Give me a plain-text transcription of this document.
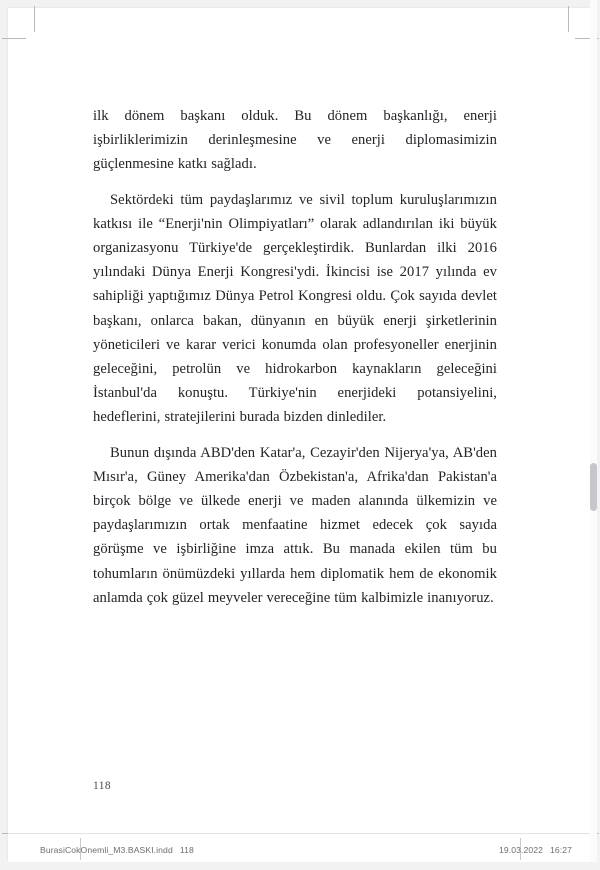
ilk dönem başkanı olduk. Bu dönem başkanlığı, enerji işbirliklerimizin derinleşmesine ve enerji diplomasimizin güçlenmesine katkı sağladı.

Sektördeki tüm paydaşlarımız ve sivil toplum kuruluşlarımızın katkısı ile “Enerji'nin Olimpiyatları” olarak adlandırılan iki büyük organizasyonu Türkiye'de gerçekleştirdik. Bunlardan ilki 2016 yılındaki Dünya Enerji Kongresi'ydi. İkincisi ise 2017 yılında ev sahipliği yaptığımız Dünya Petrol Kongresi oldu. Çok sayıda devlet başkanı, onlarca bakan, dünyanın en büyük enerji şirketlerinin yöneticileri ve karar verici konumda olan profesyoneller enerjinin geleceğini, petrolün ve hidrokarbon kaynakların geleceğini İstanbul'da konuştu. Türkiye'nin enerjideki potansiyelini, hedeflerini, stratejilerini burada bizden dinlediler.

Bunun dışında ABD'den Katar'a, Cezayir'den Nijerya'ya, AB'den Mısır'a, Güney Amerika'dan Özbekistan'a, Afrika'dan Pakistan'a birçok bölge ve ülkede enerji ve maden alanında ülkemizin ve paydaşlarımızın ortak menfaatine hizmet edecek çok sayıda görüşme ve işbirliğine imza attık. Bu manada ekilen tüm bu tohumların önümüzdeki yıllarda hem diplomatik hem de ekonomik anlamda çok güzel meyveler vereceğine tüm kalbimizle inanıyoruz.

118
BurasiCokOnemli_M3.BASKI.indd 118	19.03.2022 16:27
